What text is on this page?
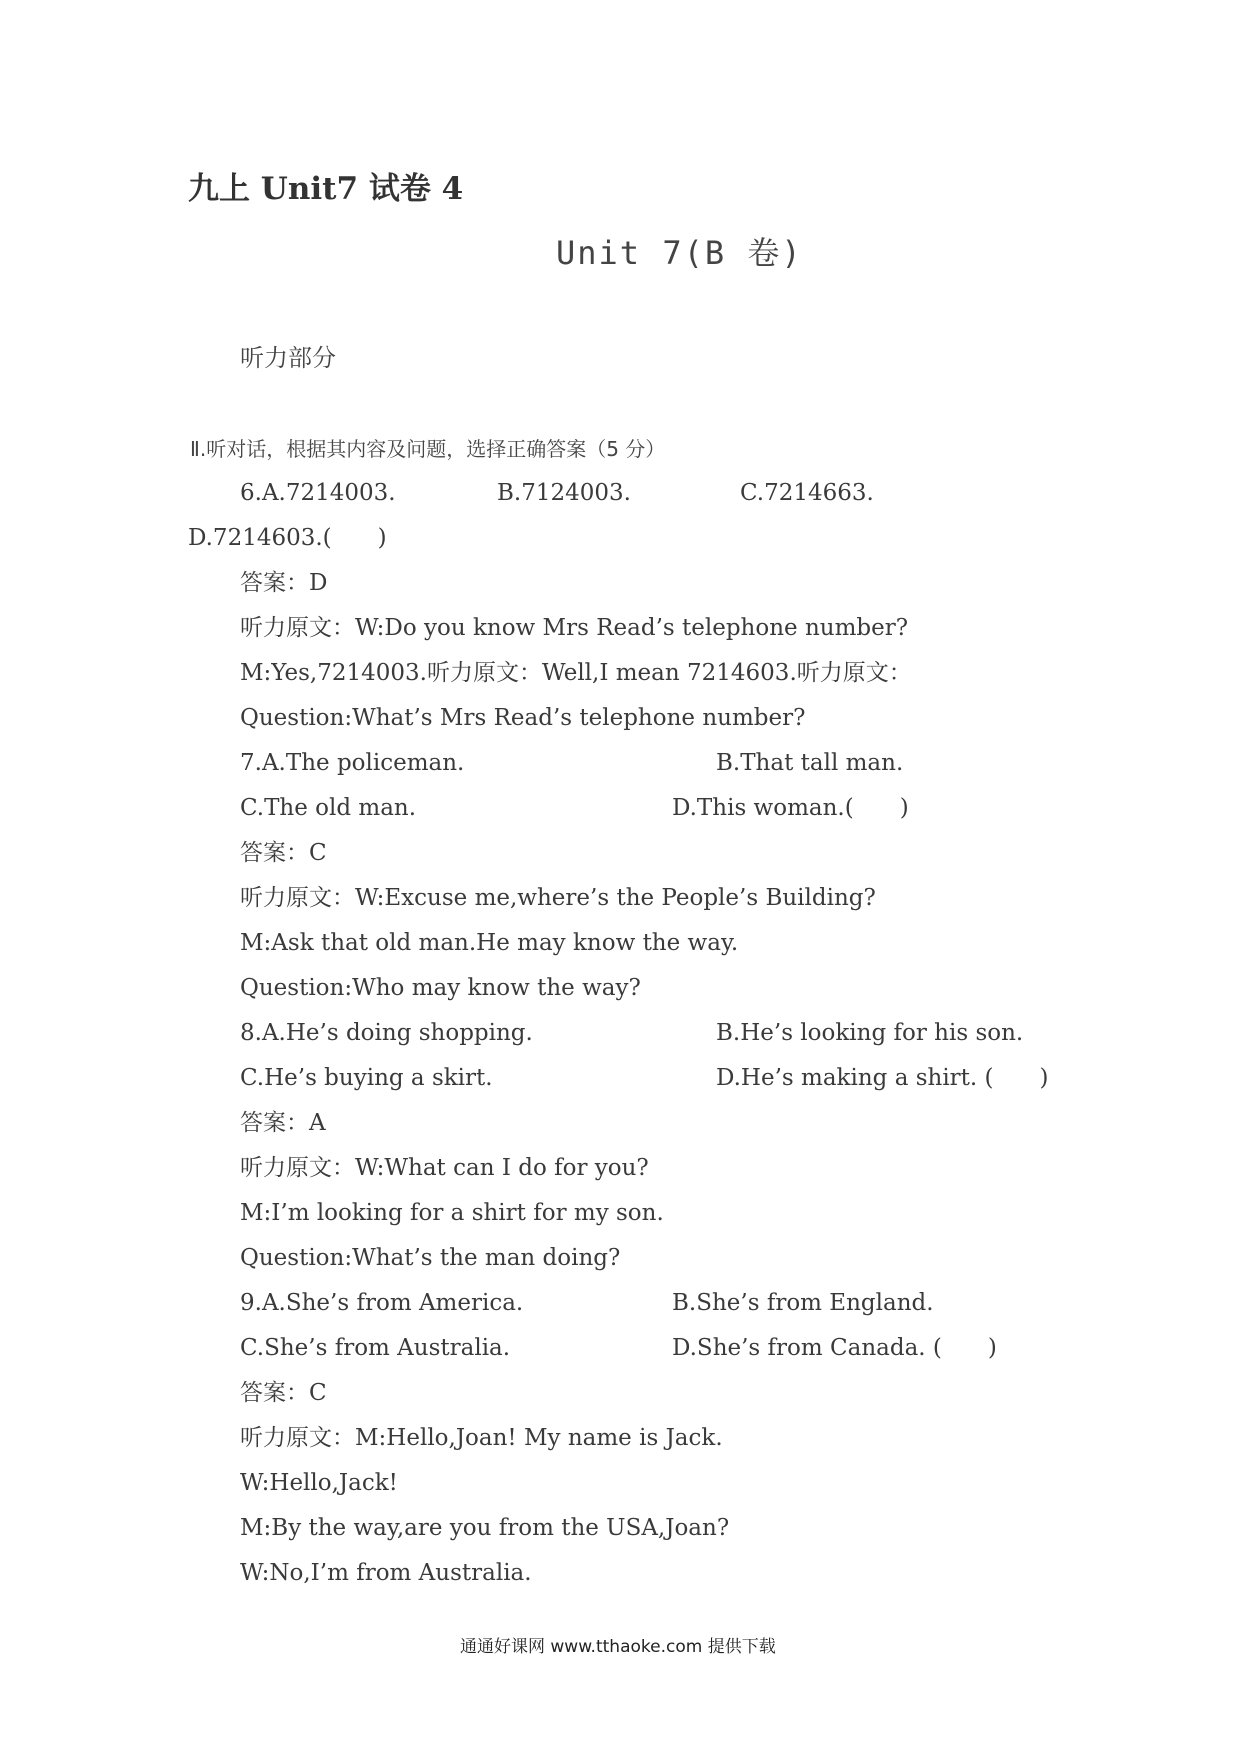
九上 Unit7 试卷 4
Unit 7(B 卷)
听力部分
Ⅱ.听对话，根据其内容及问题，选择正确答案（5 分）
6.A.7214003.	B.7124003.	C.7214663.
D.7214603.(  )
答案：D
听力原文：W:Do you know Mrs Read’s telephone number?
M:Yes,7214003.听力原文：Well,I mean 7214603.听力原文：
Question:What’s Mrs Read’s telephone number?
7.A.The policeman.	B.That tall man.
C.The old man.	D.This woman.(  )
答案：C
听力原文：W:Excuse me,where’s the People’s Building?
M:Ask that old man.He may know the way.
Question:Who may know the way?
8.A.He’s doing shopping.	B.He’s looking for his son.
C.He’s buying a skirt.	D.He’s making a shirt. (  )
答案：A
听力原文：W:What can I do for you?
M:I’m looking for a shirt for my son.
Question:What’s the man doing?
9.A.She’s from America.	B.She’s from England.
C.She’s from Australia.	D.She’s from Canada. (  )
答案：C
听力原文：M:Hello,Joan! My name is Jack.
W:Hello,Jack!
M:By the way,are you from the USA,Joan?
W:No,I’m from Australia.
通通好课网 www.tthaoke.com 提供下载
